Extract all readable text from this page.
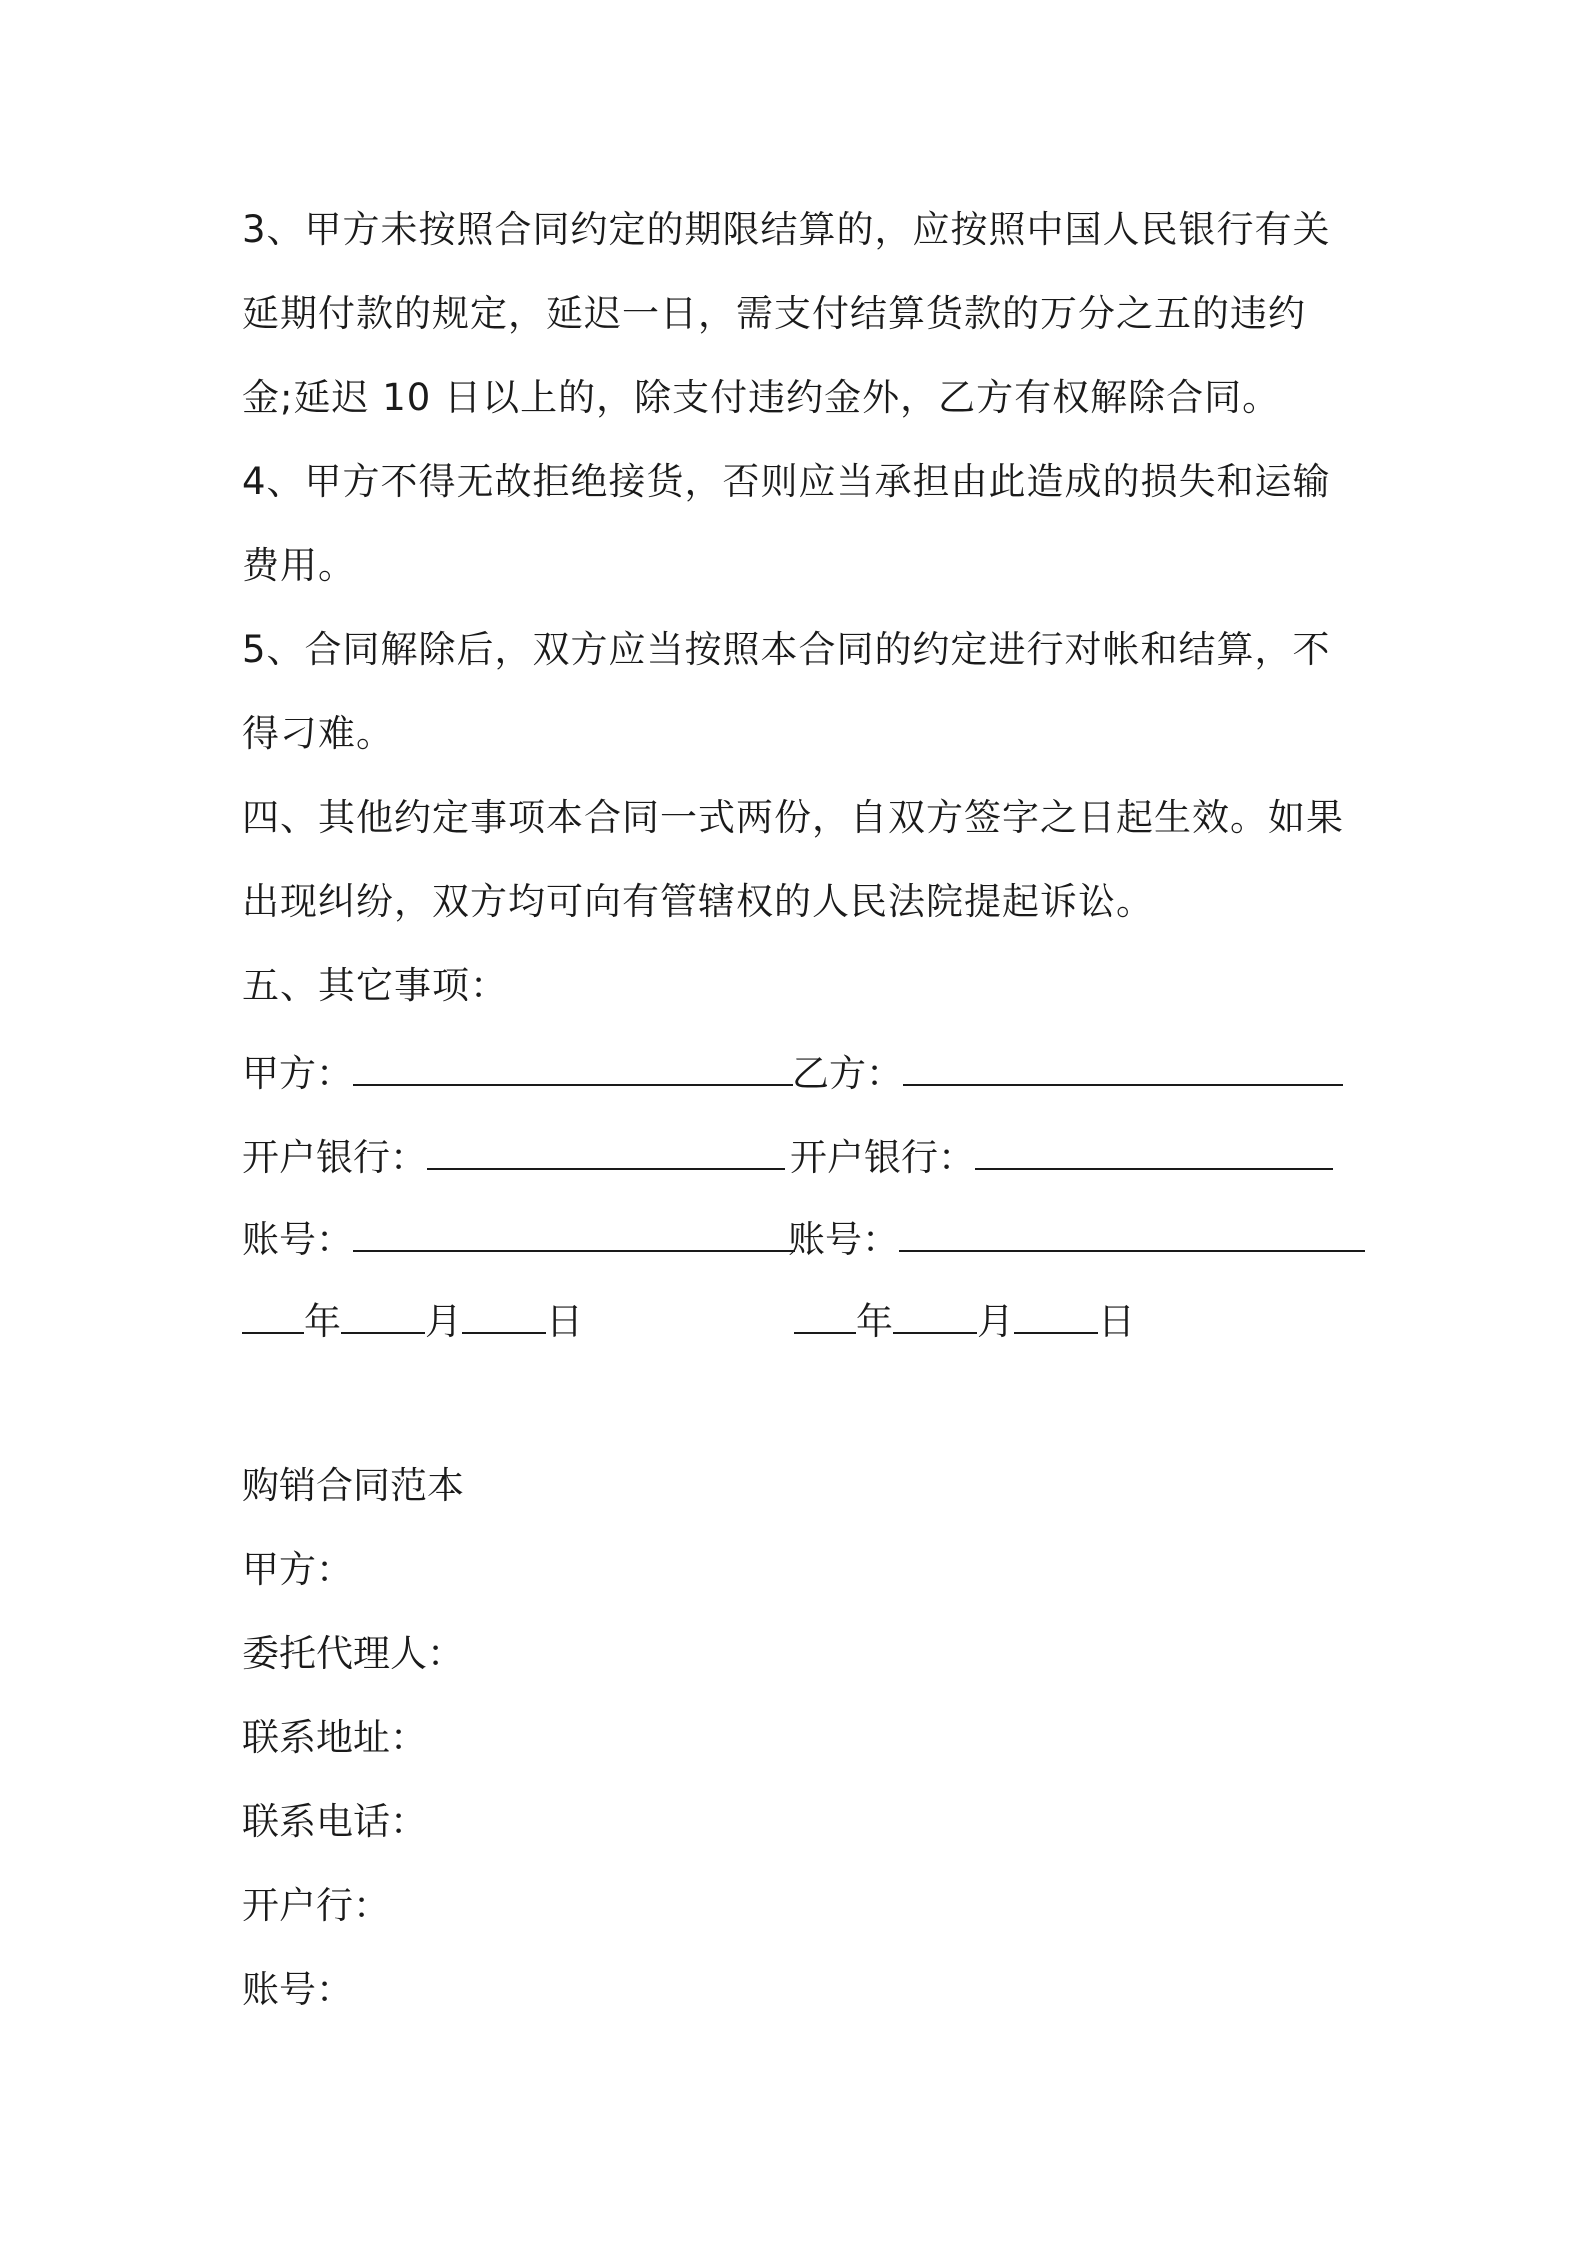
3、甲方未按照合同约定的期限结算的，应按照中国人民银行有关延期付款的规定，延迟一日，需支付结算货款的万分之五的违约金;延迟 10 日以上的，除支付违约金外，乙方有权解除合同。

4、甲方不得无故拒绝接货，否则应当承担由此造成的损失和运输费用。

5、合同解除后，双方应当按照本合同的约定进行对帐和结算，不得刁难。

四、其他约定事项本合同一式两份，自双方签字之日起生效。如果出现纠纷，双方均可向有管辖权的人民法院提起诉讼。

五、其它事项：

甲方：	乙方：
开户银行：	开户银行：
账号：	账号：
年 月 日	年 月 日
购销合同范本
甲方：
委托代理人：
联系地址：
联系电话：
开户行：
账号：
